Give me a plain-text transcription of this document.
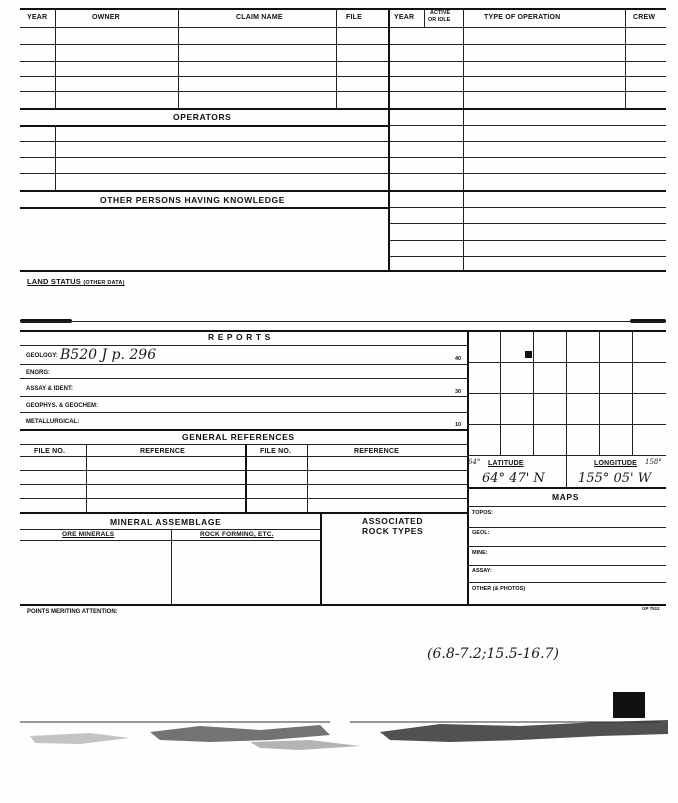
YEAR	OWNER	CLAIM NAME	FILE	YEAR
ACTIVE
OR IDLE	TYPE OF OPERATION	CREW
OPERATORS
OTHER PERSONS HAVING KNOWLEDGE
LAND STATUS (OTHER DATA)
R E P O R T S
GEOLOGY: B520 J p. 296	40
ENGRG:
ASSAY & IDENT:	30
GEOPHYS. & GEOCHEM:
METALLURGICAL:	10
64° LATITUDE	LONGITUDE 158°
64° 47' N	155° 05' W
MAPS
TOPOS:
GEOL:
MINE:
ASSAY:
OTHER (& PHOTOS)
GENERAL REFERENCES
FILE NO.	REFERENCE	FILE NO.	REFERENCE
MINERAL ASSEMBLAGE
ORE MINERALS	ROCK FORMING, ETC.
ASSOCIATED
ROCK TYPES
POINTS MERITING ATTENTION:
GP 7512
(6.8-7.2;15.5-16.7)
